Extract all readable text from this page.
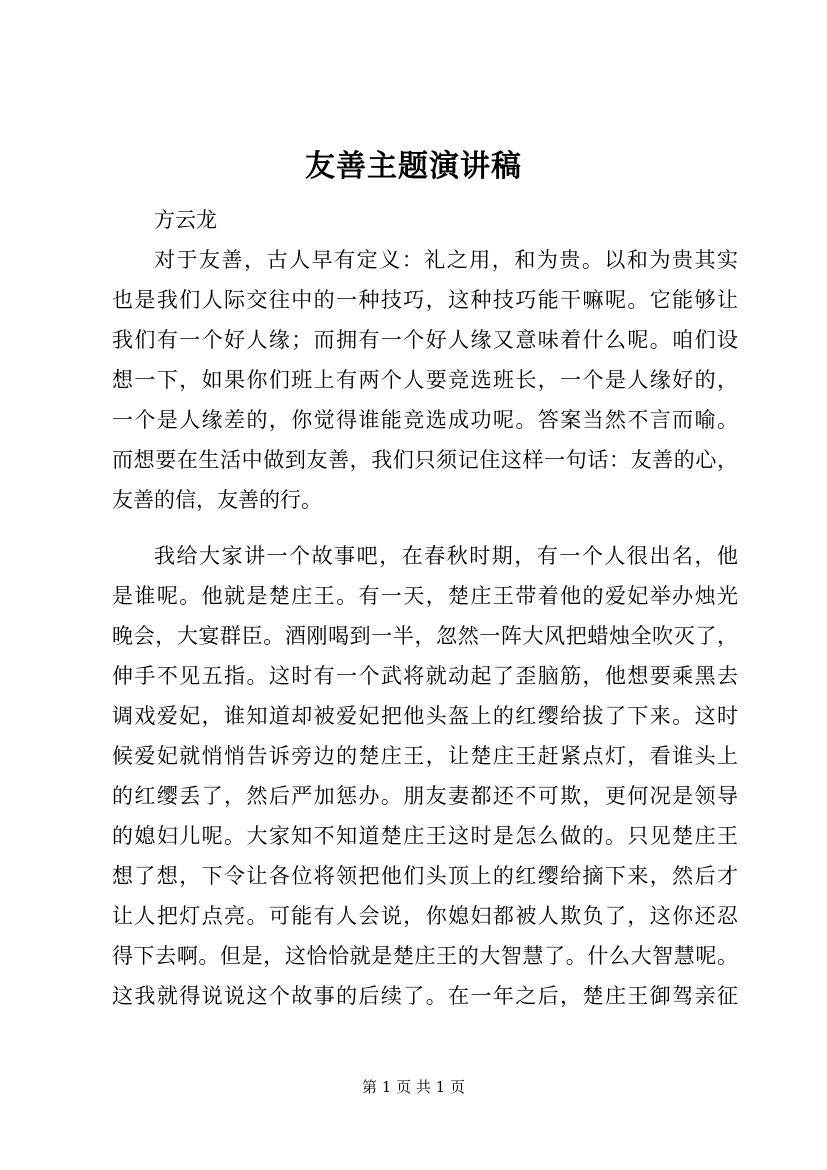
友善主题演讲稿
方云龙
对于友善，古人早有定义：礼之用，和为贵。以和为贵其实
也是我们人际交往中的一种技巧，这种技巧能干嘛呢。它能够让
我们有一个好人缘；而拥有一个好人缘又意味着什么呢。咱们设
想一下，如果你们班上有两个人要竞选班长，一个是人缘好的，
一个是人缘差的，你觉得谁能竞选成功呢。答案当然不言而喻。
而想要在生活中做到友善，我们只须记住这样一句话：友善的心，
友善的信，友善的行。
我给大家讲一个故事吧，在春秋时期，有一个人很出名，他
是谁呢。他就是楚庄王。有一天，楚庄王带着他的爱妃举办烛光
晚会，大宴群臣。酒刚喝到一半，忽然一阵大风把蜡烛全吹灭了，
伸手不见五指。这时有一个武将就动起了歪脑筋，他想要乘黑去
调戏爱妃，谁知道却被爱妃把他头盔上的红缨给拔了下来。这时
候爱妃就悄悄告诉旁边的楚庄王，让楚庄王赶紧点灯，看谁头上
的红缨丢了，然后严加惩办。朋友妻都还不可欺，更何况是领导
的媳妇儿呢。大家知不知道楚庄王这时是怎么做的。只见楚庄王
想了想，下令让各位将领把他们头顶上的红缨给摘下来，然后才
让人把灯点亮。可能有人会说，你媳妇都被人欺负了，这你还忍
得下去啊。但是，这恰恰就是楚庄王的大智慧了。什么大智慧呢。
这我就得说说这个故事的后续了。在一年之后，楚庄王御驾亲征
第 1 页 共 1 页
